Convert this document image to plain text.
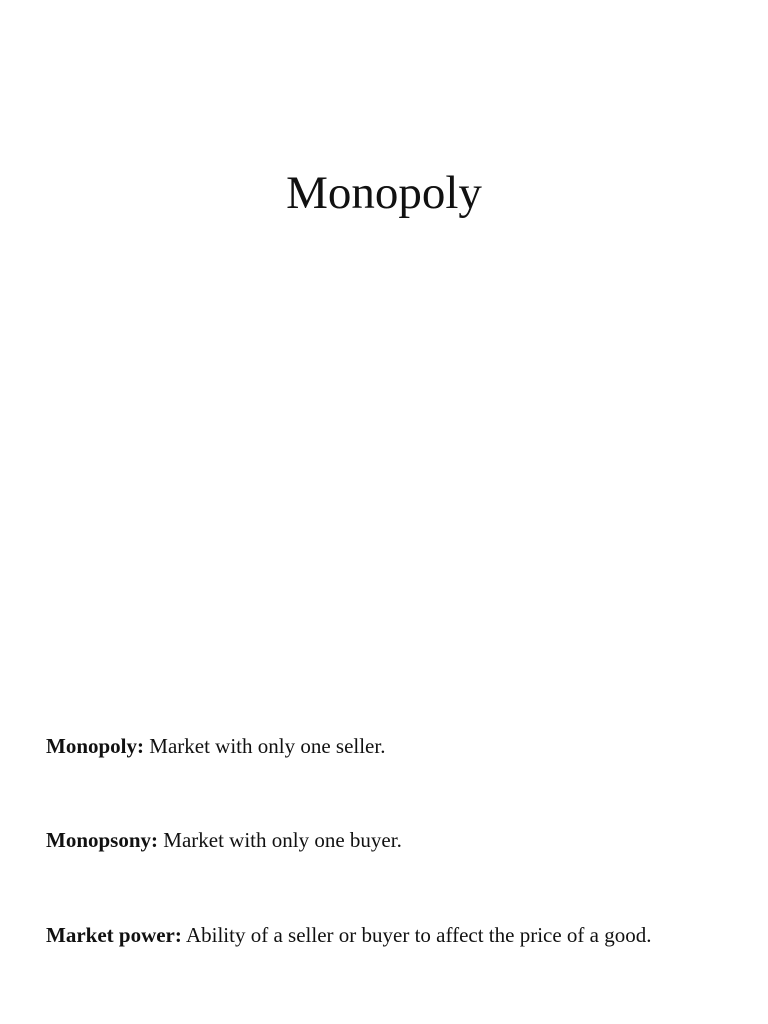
Monopoly

Monopoly: Market with only one seller.

Monopsony: Market with only one buyer.

Market power: Ability of a seller or buyer to affect the price of a good.
